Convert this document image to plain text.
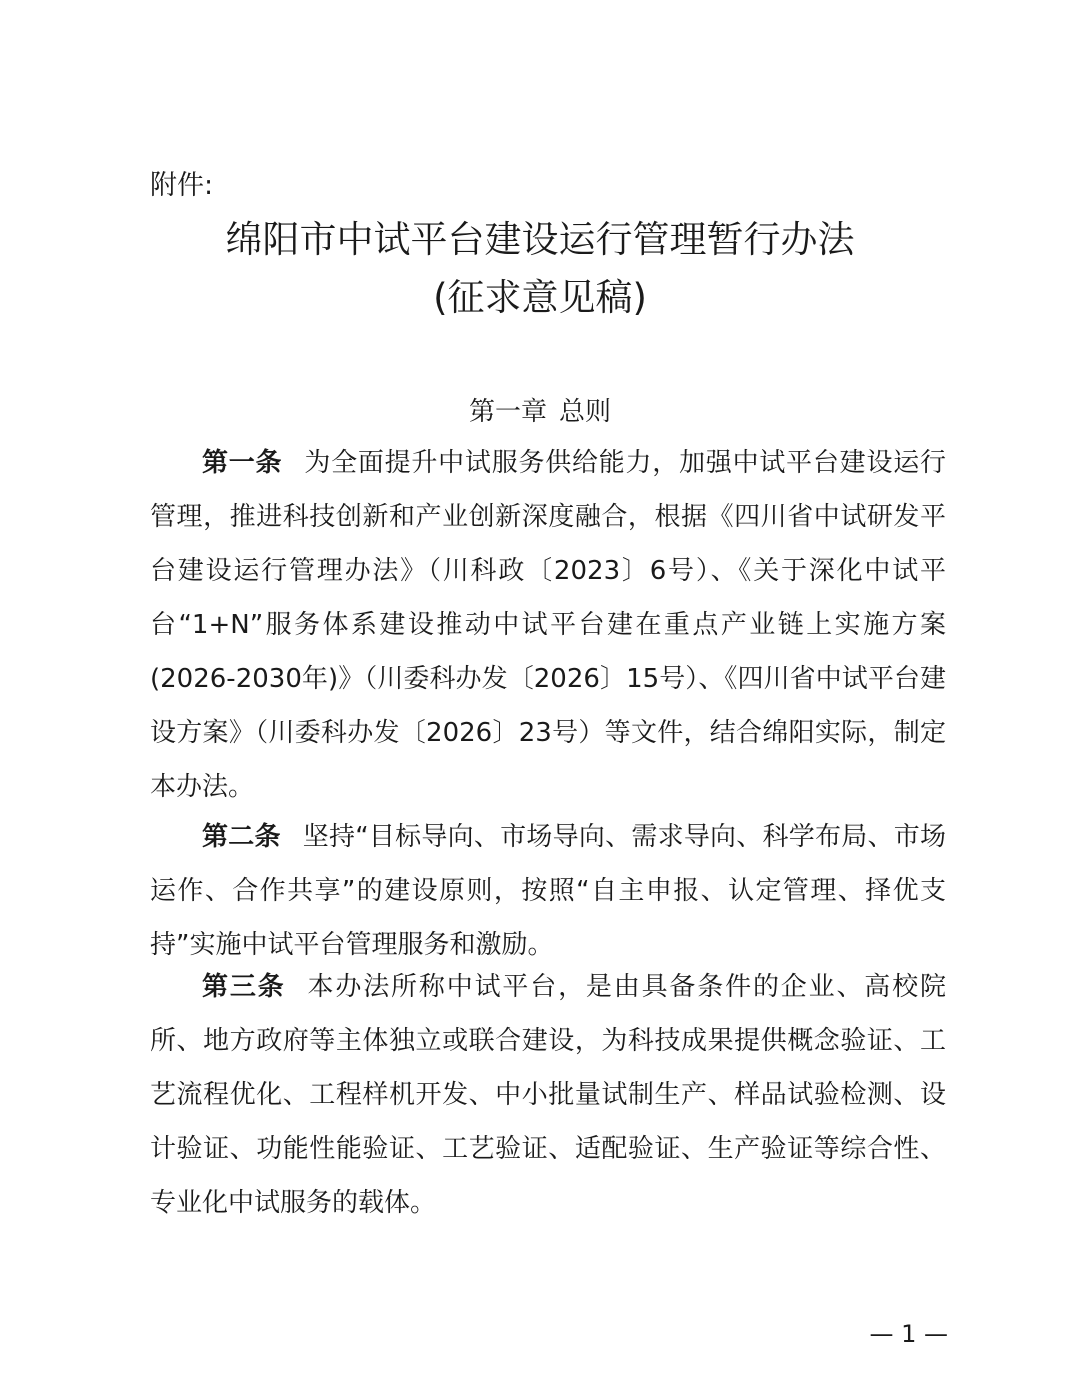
附件:

绵阳市中试平台建设运行管理暂行办法
(征求意见稿)
第一章 总则

第一条 为全面提升中试服务供给能力，加强中试平台建设运行管理，推进科技创新和产业创新深度融合，根据《四川省中试研发平台建设运行管理办法》（川科政〔2023〕6号）、《关于深化中试平台“1+N”服务体系建设推动中试平台建在重点产业链上实施方案(2026-2030年)》（川委科办发〔2026〕15号）、《四川省中试平台建设方案》（川委科办发〔2026〕23号）等文件，结合绵阳实际，制定本办法。

第二条 坚持“目标导向、市场导向、需求导向、科学布局、市场运作、合作共享”的建设原则，按照“自主申报、认定管理、择优支持”实施中试平台管理服务和激励。

第三条 本办法所称中试平台，是由具备条件的企业、高校院所、地方政府等主体独立或联合建设，为科技成果提供概念验证、工艺流程优化、工程样机开发、中小批量试制生产、样品试验检测、设计验证、功能性能验证、工艺验证、适配验证、生产验证等综合性、专业化中试服务的载体。

— 1 —
